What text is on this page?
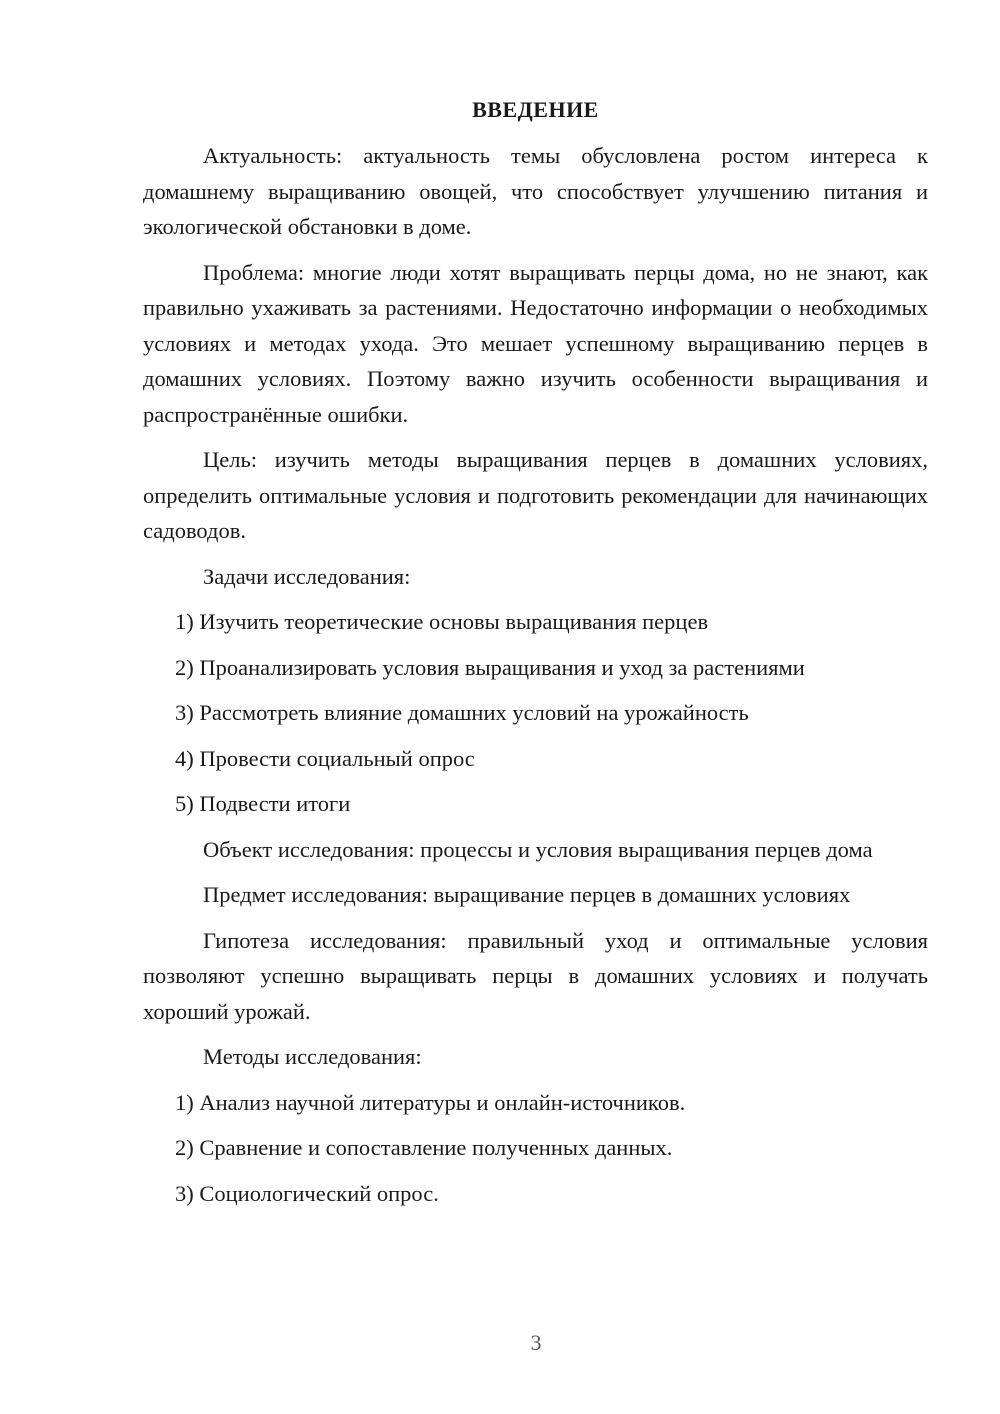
ВВЕДЕНИЕ

Актуальность: актуальность темы обусловлена ростом интереса к домашнему выращиванию овощей, что способствует улучшению питания и экологической обстановки в доме.

Проблема: многие люди хотят выращивать перцы дома, но не знают, как правильно ухаживать за растениями. Недостаточно информации о необходимых условиях и методах ухода. Это мешает успешному выращиванию перцев в домашних условиях. Поэтому важно изучить особенности выращивания и распространённые ошибки.

Цель: изучить методы выращивания перцев в домашних условиях, определить оптимальные условия и подготовить рекомендации для начинающих садоводов.

Задачи исследования:

1) Изучить теоретические основы выращивания перцев
2) Проанализировать условия выращивания и уход за растениями
3) Рассмотреть влияние домашних условий на урожайность
4) Провести социальный опрос
5) Подвести итоги

Объект исследования: процессы и условия выращивания перцев дома

Предмет исследования: выращивание перцев в домашних условиях

Гипотеза исследования: правильный уход и оптимальные условия позволяют успешно выращивать перцы в домашних условиях и получать хороший урожай.

Методы исследования:

1) Анализ научной литературы и онлайн-источников.
2) Сравнение и сопоставление полученных данных.
3) Социологический опрос.
3
